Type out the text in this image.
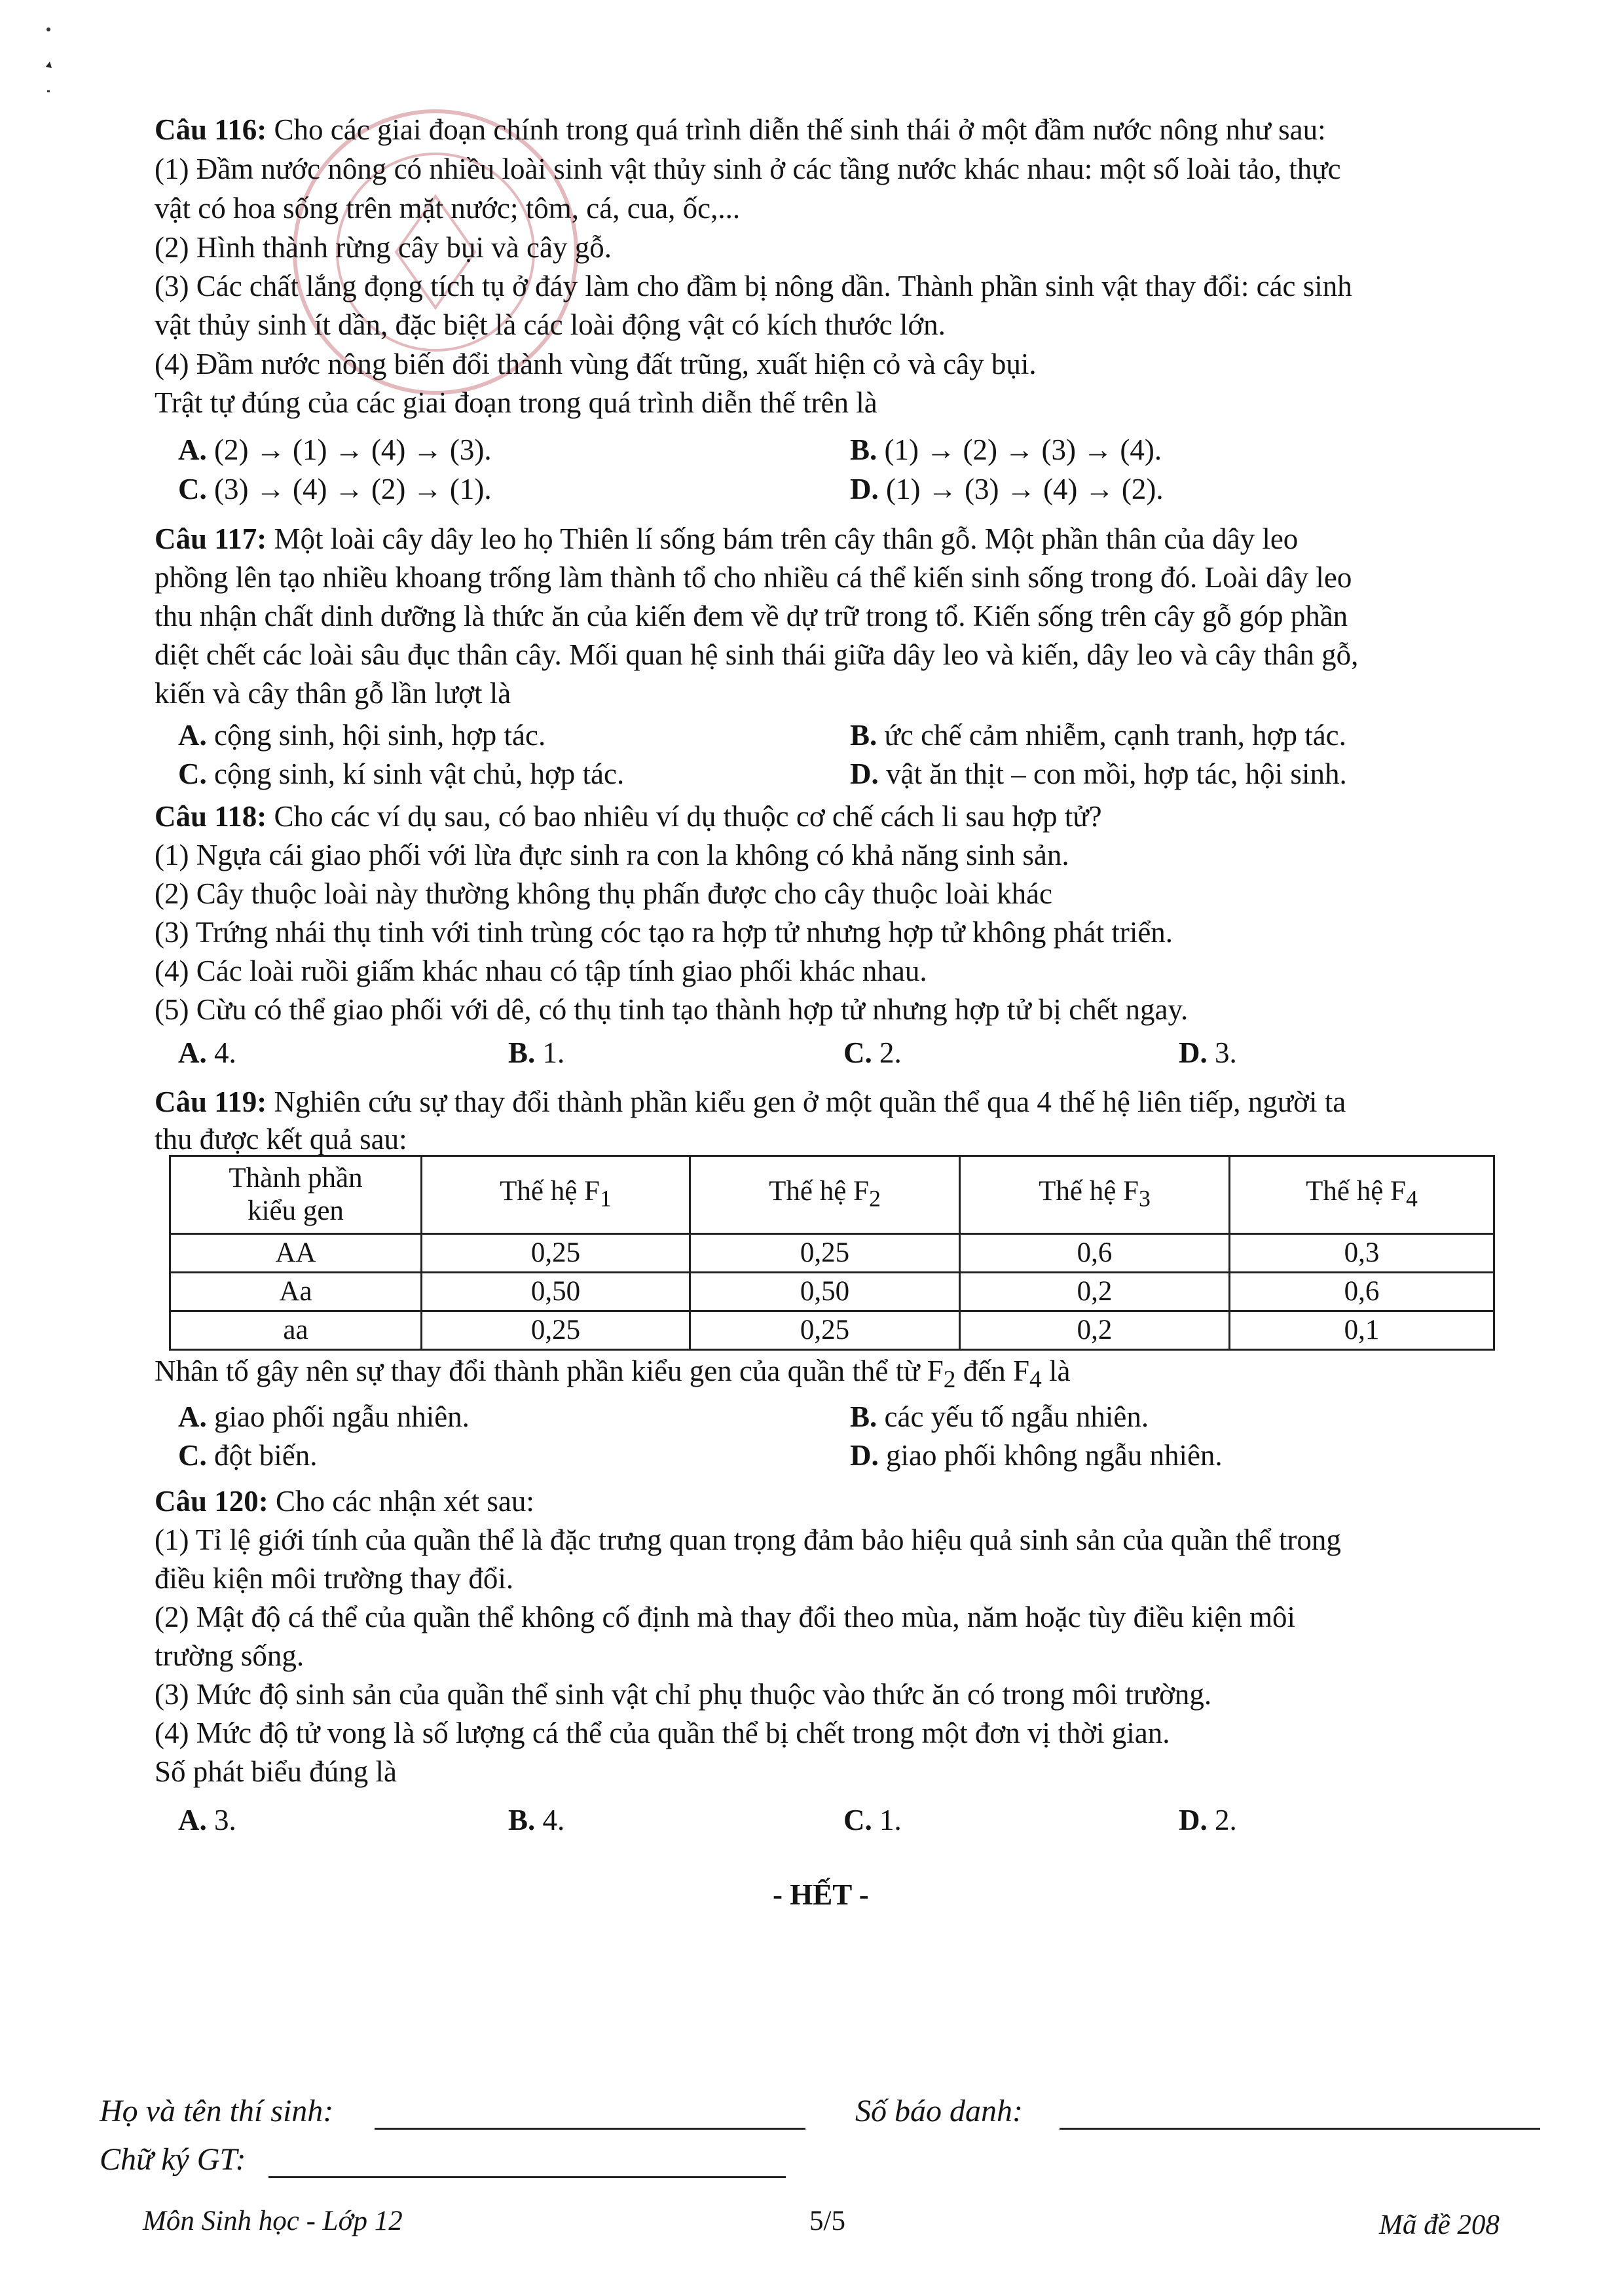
Câu 116: Cho các giai đoạn chính trong quá trình diễn thế sinh thái ở một đầm nước nông như sau:
(1) Đầm nước nông có nhiều loài sinh vật thủy sinh ở các tầng nước khác nhau: một số loài tảo, thực
vật có hoa sống trên mặt nước; tôm, cá, cua, ốc,...
(2) Hình thành rừng cây bụi và cây gỗ.
(3) Các chất lắng đọng tích tụ ở đáy làm cho đầm bị nông dần. Thành phần sinh vật thay đổi: các sinh
vật thủy sinh ít dần, đặc biệt là các loài động vật có kích thước lớn.
(4) Đầm nước nông biến đổi thành vùng đất trũng, xuất hiện cỏ và cây bụi.
Trật tự đúng của các giai đoạn trong quá trình diễn thế trên là
A. (2) → (1) → (4) → (3).	B. (1) → (2) → (3) → (4).
C. (3) → (4) → (2) → (1).	D. (1) → (3) → (4) → (2).
Câu 117: Một loài cây dây leo họ Thiên lí sống bám trên cây thân gỗ. Một phần thân của dây leo
phồng lên tạo nhiều khoang trống làm thành tổ cho nhiều cá thể kiến sinh sống trong đó. Loài dây leo
thu nhận chất dinh dưỡng là thức ăn của kiến đem về dự trữ trong tổ. Kiến sống trên cây gỗ góp phần
diệt chết các loài sâu đục thân cây. Mối quan hệ sinh thái giữa dây leo và kiến, dây leo và cây thân gỗ,
kiến và cây thân gỗ lần lượt là
A. cộng sinh, hội sinh, hợp tác.	B. ức chế cảm nhiễm, cạnh tranh, hợp tác.
C. cộng sinh, kí sinh vật chủ, hợp tác.	D. vật ăn thịt – con mồi, hợp tác, hội sinh.
Câu 118: Cho các ví dụ sau, có bao nhiêu ví dụ thuộc cơ chế cách li sau hợp tử?
(1) Ngựa cái giao phối với lừa đực sinh ra con la không có khả năng sinh sản.
(2) Cây thuộc loài này thường không thụ phấn được cho cây thuộc loài khác
(3) Trứng nhái thụ tinh với tinh trùng cóc tạo ra hợp tử nhưng hợp tử không phát triển.
(4) Các loài ruồi giấm khác nhau có tập tính giao phối khác nhau.
(5) Cừu có thể giao phối với dê, có thụ tinh tạo thành hợp tử nhưng hợp tử bị chết ngay.
A. 4.	B. 1.	C. 2.	D. 3.
Câu 119: Nghiên cứu sự thay đổi thành phần kiểu gen ở một quần thể qua 4 thế hệ liên tiếp, người ta
thu được kết quả sau:
Thành phần
kiểu gen	Thế hệ $F_1$	Thế hệ $F_2$	Thế hệ $F_3$	Thế hệ $F_4$
AA	0,25	0,25	0,6	0,3
Aa	0,50	0,50	0,2	0,6
aa	0,25	0,25	0,2	0,1
Nhân tố gây nên sự thay đổi thành phần kiểu gen của quần thể từ $F_2$ đến $F_4$ là
A. giao phối ngẫu nhiên.	B. các yếu tố ngẫu nhiên.
C. đột biến.	D. giao phối không ngẫu nhiên.
Câu 120: Cho các nhận xét sau:
(1) Tỉ lệ giới tính của quần thể là đặc trưng quan trọng đảm bảo hiệu quả sinh sản của quần thể trong
điều kiện môi trường thay đổi.
(2) Mật độ cá thể của quần thể không cố định mà thay đổi theo mùa, năm hoặc tùy điều kiện môi
trường sống.
(3) Mức độ sinh sản của quần thể sinh vật chỉ phụ thuộc vào thức ăn có trong môi trường.
(4) Mức độ tử vong là số lượng cá thể của quần thể bị chết trong một đơn vị thời gian.
Số phát biểu đúng là
A. 3.	B. 4.	C. 1.	D. 2.
- HẾT -
Họ và tên thí sinh:	Số báo danh:
Chữ ký GT:
Môn Sinh học - Lớp 12	5/5	Mã đề 208
